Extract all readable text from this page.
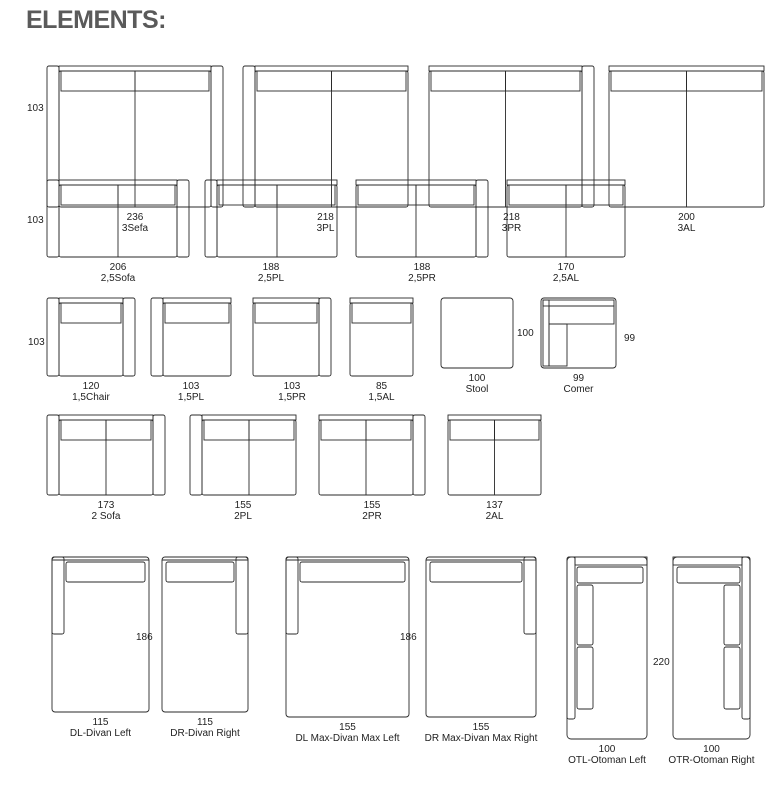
ELEMENTS:
236
3Sefa
218
3PL
218
3PR
200
3AL
103
206
2,5Sofa
188
2,5PL
188
2,5PR
170
2,5AL
103
120
1,5Chair
103
1,5PL
103
1,5PR
85
1,5AL
100
Stool
100
99
Comer
99
103
173
2 Sofa
155
2PL
155
2PR
137
2AL
115
DL-Divan Left
115
DR-Divan Right
186
155
DL Max-Divan Max Left
155
DR Max-Divan Max Right
186
100
OTL-Otoman Left
100
OTR-Otoman Right
220
